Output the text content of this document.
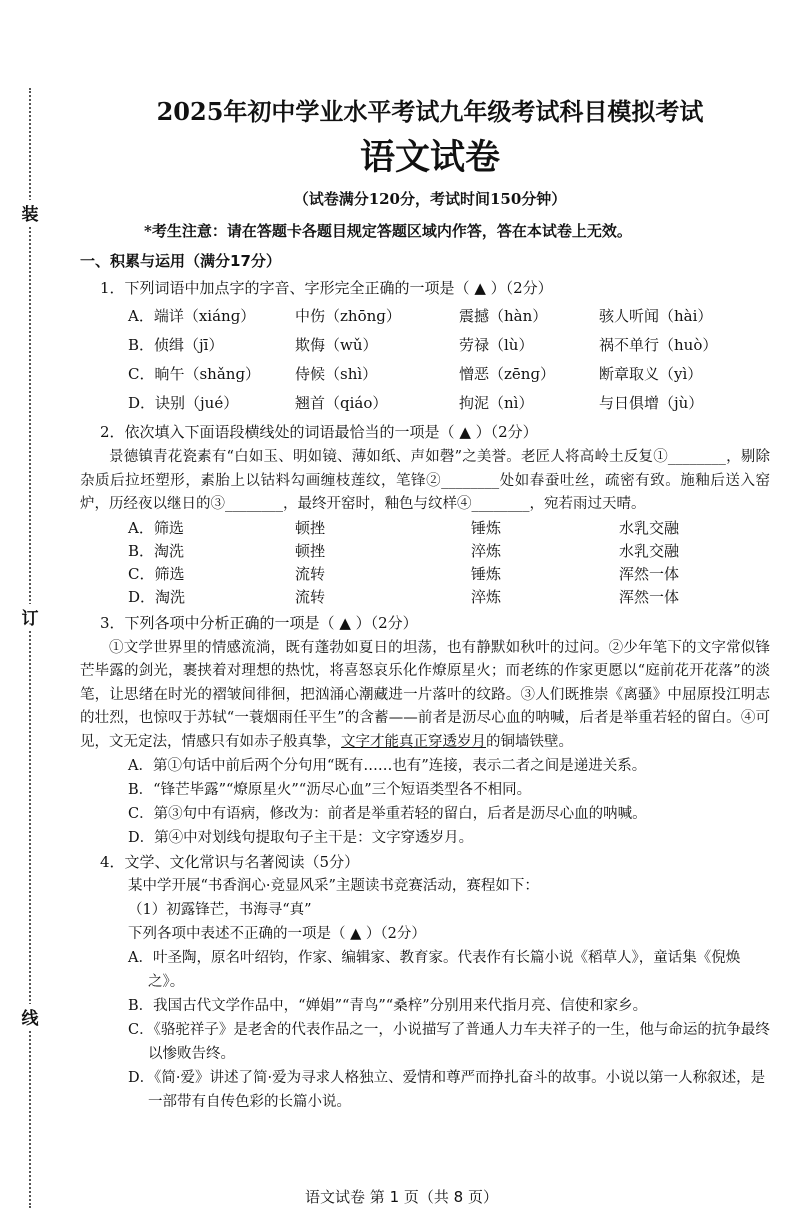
装
订
线
2025年初中学业水平考试九年级考试科目模拟考试
语文试卷
（试卷满分120分，考试时间150分钟）
*考生注意：请在答题卡各题目规定答题区域内作答，答在本试卷上无效。
一、积累与运用（满分17分）
1．下列词语中加点字的字音、字形完全正确的一项是（ ▲ ）（2分）
A．端详（xiánɡ）	中伤（zhōnɡ）	震撼（hàn）	骇人听闻（hài）
B．侦缉（jī）	欺侮（wǔ）	劳禄（lù）	祸不单行（huò）
C．晌午（shǎnɡ）	侍候（shì）	憎恶（zēnɡ）	断章取义（yì）
D．诀别（jué）	翘首（qiáo）	拘泥（nì）	与日俱增（jù）
2．依次填入下面语段横线处的词语最恰当的一项是（ ▲ ）（2分）
景德镇青花瓷素有“白如玉、明如镜、薄如纸、声如磬”之美誉。老匠人将高岭土反复①________，剔除杂质后拉坯塑形，素胎上以钴料勾画缠枝莲纹，笔锋②________处如春蚕吐丝，疏密有致。施釉后送入窑炉，历经夜以继日的③________，最终开窑时，釉色与纹样④________，宛若雨过天晴。
A．筛选	顿挫	锤炼	水乳交融
B．淘洗	顿挫	淬炼	水乳交融
C．筛选	流转	锤炼	浑然一体
D．淘洗	流转	淬炼	浑然一体
3．下列各项中分析正确的一项是（ ▲ ）（2分）
①文学世界里的情感流淌，既有蓬勃如夏日的坦荡，也有静默如秋叶的过问。②少年笔下的文字常似锋芒毕露的剑光，裹挟着对理想的热忱，将喜怒哀乐化作燎原星火；而老练的作家更愿以“庭前花开花落”的淡笔，让思绪在时光的褶皱间徘徊，把汹涌心潮藏进一片落叶的纹路。③人们既推崇《离骚》中屈原投江明志的壮烈，也惊叹于苏轼“一蓑烟雨任平生”的含蓄——前者是沥尽心血的呐喊，后者是举重若轻的留白。④可见，文无定法，情感只有如赤子般真挚，文字才能真正穿透岁月的铜墙铁壁。
A．第①句话中前后两个分句用“既有……也有”连接，表示二者之间是递进关系。
B．“锋芒毕露”“燎原星火”“沥尽心血”三个短语类型各不相同。
C．第③句中有语病，修改为：前者是举重若轻的留白，后者是沥尽心血的呐喊。
D．第④中对划线句提取句子主干是：文字穿透岁月。
4．文学、文化常识与名著阅读（5分）
某中学开展“书香润心·竞显风采”主题读书竞赛活动，赛程如下：
（1）初露锋芒，书海寻“真”
下列各项中表述不正确的一项是（ ▲ ）（2分）
A．叶圣陶，原名叶绍钧，作家、编辑家、教育家。代表作有长篇小说《稻草人》，童话集《倪焕之》。
B．我国古代文学作品中，“婵娟”“青鸟”“桑梓”分别用来代指月亮、信使和家乡。
C．《骆驼祥子》是老舍的代表作品之一，小说描写了普通人力车夫祥子的一生，他与命运的抗争最终以惨败告终。
D．《简·爱》讲述了简·爱为寻求人格独立、爱情和尊严而挣扎奋斗的故事。小说以第一人称叙述，是一部带有自传色彩的长篇小说。
语文试卷 第 1 页（共 8 页）
